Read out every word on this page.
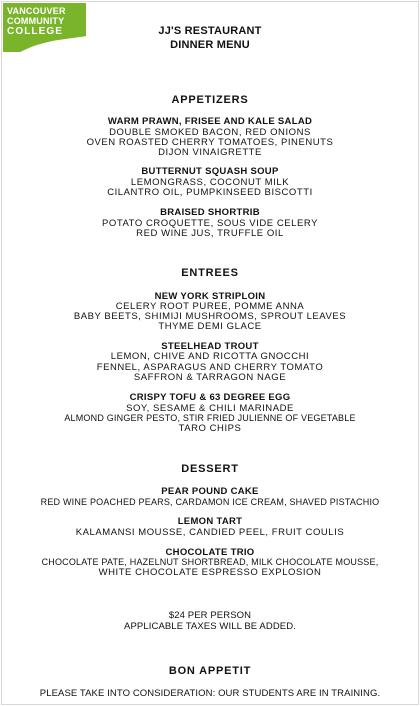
VANCOUVER
COMMUNITY
COLLEGE	JJ'S RESTAURANT
DINNER MENU
APPETIZERS
WARM PRAWN, FRISEE AND KALE SALAD
DOUBLE SMOKED BACON, RED ONIONS
OVEN ROASTED CHERRY TOMATOES, PINENUTS
DIJON VINAIGRETTE
BUTTERNUT SQUASH SOUP
LEMONGRASS, COCONUT MILK
CILANTRO OIL, PUMPKINSEED BISCOTTI
BRAISED SHORTRIB
POTATO CROQUETTE, SOUS VIDE CELERY
RED WINE JUS, TRUFFLE OIL
ENTREES
NEW YORK STRIPLOIN
CELERY ROOT PUREE, POMME ANNA
BABY BEETS, SHIMIJI MUSHROOMS, SPROUT LEAVES
THYME DEMI GLACE
STEELHEAD TROUT
LEMON, CHIVE AND RICOTTA GNOCCHI
FENNEL, ASPARAGUS AND CHERRY TOMATO
SAFFRON & TARRAGON NAGE
CRISPY TOFU & 63 DEGREE EGG
SOY, SESAME & CHILI MARINADE
ALMOND GINGER PESTO, STIR FRIED JULIENNE OF VEGETABLE
TARO CHIPS
DESSERT
PEAR POUND CAKE
RED WINE POACHED PEARS, CARDAMON ICE CREAM, SHAVED PISTACHIO
LEMON TART
KALAMANSI MOUSSE, CANDIED PEEL, FRUIT COULIS
CHOCOLATE TRIO
CHOCOLATE PATE, HAZELNUT SHORTBREAD, MILK CHOCOLATE MOUSSE,
WHITE CHOCOLATE ESPRESSO EXPLOSION
$24 PER PERSON
APPLICABLE TAXES WILL BE ADDED.
BON APPETIT
PLEASE TAKE INTO CONSIDERATION: OUR STUDENTS ARE IN TRAINING.
